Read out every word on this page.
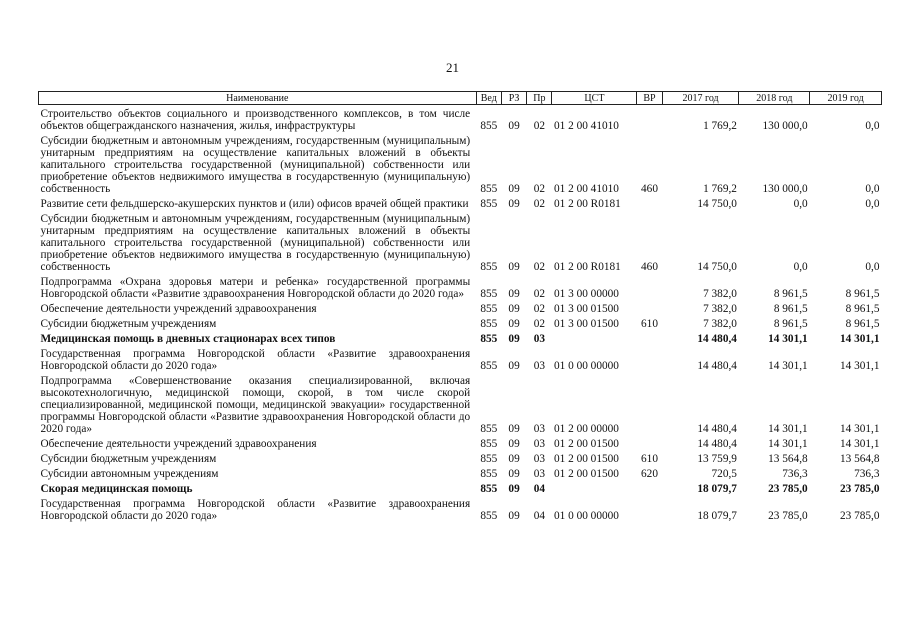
21
Наименование	Вед	РЗ	Пр	ЦСТ	ВР	2017 год	2018 год	2019 год
Строительство объектов социального и производственного комплексов, в том числе объектов общегражданского назначения, жилья, инфраструктуры	855	09	02	01 2 00 41010		1 769,2	130 000,0	0,0
Субсидии бюджетным и автономным учреждениям, государственным (муниципальным) унитарным предприятиям на осуществление капитальных вложений в объекты капитального строительства государственной (муниципальной) собственности или приобретение объектов недвижимого имущества в государственную (муниципальную) собственность	855	09	02	01 2 00 41010	460	1 769,2	130 000,0	0,0
Развитие сети фельдшерско-акушерских пунктов и (или) офисов врачей общей практики	855	09	02	01 2 00 R0181		14 750,0	0,0	0,0
Субсидии бюджетным и автономным учреждениям, государственным (муниципальным) унитарным предприятиям на осуществление капитальных вложений в объекты капитального строительства государственной (муниципальной) собственности или приобретение объектов недвижимого имущества в государственную (муниципальную) собственность	855	09	02	01 2 00 R0181	460	14 750,0	0,0	0,0
Подпрограмма «Охрана здоровья матери и ребенка» государственной программы Новгородской области «Развитие здравоохранения Новгородской области до 2020 года»	855	09	02	01 3 00 00000		7 382,0	8 961,5	8 961,5
Обеспечение деятельности учреждений здравоохранения	855	09	02	01 3 00 01500		7 382,0	8 961,5	8 961,5
Субсидии бюджетным учреждениям	855	09	02	01 3 00 01500	610	7 382,0	8 961,5	8 961,5
Медицинская помощь в дневных стационарах всех типов	855	09	03			14 480,4	14 301,1	14 301,1
Государственная программа Новгородской области «Развитие здравоохранения Новгородской области до 2020 года»	855	09	03	01 0 00 00000		14 480,4	14 301,1	14 301,1
Подпрограмма «Совершенствование оказания специализированной, включая высокотехнологичную, медицинской помощи, скорой, в том числе скорой специализированной, медицинской помощи, медицинской эвакуации» государственной программы Новгородской области «Развитие здравоохранения Новгородской области до 2020 года»	855	09	03	01 2 00 00000		14 480,4	14 301,1	14 301,1
Обеспечение деятельности учреждений здравоохранения	855	09	03	01 2 00 01500		14 480,4	14 301,1	14 301,1
Субсидии бюджетным учреждениям	855	09	03	01 2 00 01500	610	13 759,9	13 564,8	13 564,8
Субсидии автономным учреждениям	855	09	03	01 2 00 01500	620	720,5	736,3	736,3
Скорая медицинская помощь	855	09	04			18 079,7	23 785,0	23 785,0
Государственная программа Новгородской области «Развитие здравоохранения Новгородской области до 2020 года»	855	09	04	01 0 00 00000		18 079,7	23 785,0	23 785,0
